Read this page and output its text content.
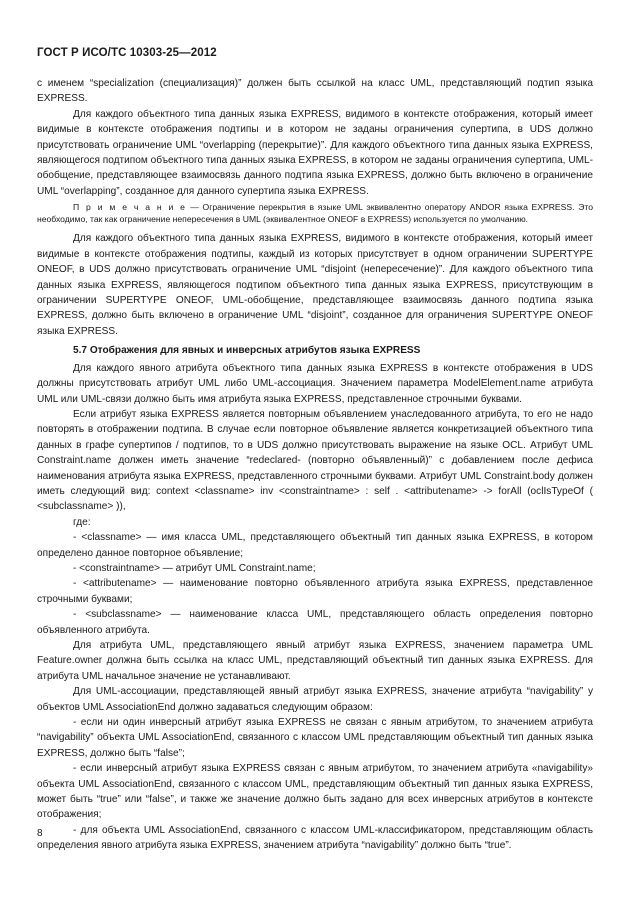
ГОСТ Р ИСО/ТС 10303-25—2012

с именем “specialization (специализация)” должен быть ссылкой на класс UML, представляющий подтип языка EXPRESS.

Для каждого объектного типа данных языка EXPRESS, видимого в контексте отображения, который имеет видимые в контексте отображения подтипы и в котором не заданы ограничения супертипа, в UDS должно присутствовать ограничение UML “overlapping (перекрытие)”. Для каждого объектного типа данных языка EXPRESS, являющегося подтипом объектного типа данных языка EXPRESS, в котором не заданы ограничения супертипа, UML-обобщение, представляющее взаимосвязь данного подтипа языка EXPRESS, должно быть включено в ограничение UML “overlapping”, созданное для данного супертипа языка EXPRESS.

П р и м е ч а н и е — Ограничение перекрытия в языке UML эквивалентно оператору ANDOR языка EXPRESS. Это необходимо, так как ограничение непересечения в UML (эквивалентное ONEOF в EXPRESS) используется по умолчанию.

Для каждого объектного типа данных языка EXPRESS, видимого в контексте отображения, который имеет видимые в контексте отображения подтипы, каждый из которых присутствует в одном ограничении SUPERTYPE ONEOF, в UDS должно присутствовать ограничение UML “disjoint (непересечение)”. Для каждого объектного типа данных языка EXPRESS, являющегося подтипом объектного типа данных языка EXPRESS, присутствующим в ограничении SUPERTYPE ONEOF, UML-обобщение, представляющее взаимосвязь данного подтипа языка EXPRESS, должно быть включено в ограничение UML “disjoint”, созданное для ограничения SUPERTYPE ONEOF языка EXPRESS.

5.7 Отображения для явных и инверсных атрибутов языка EXPRESS

Для каждого явного атрибута объектного типа данных языка EXPRESS в контексте отображения в UDS должны присутствовать атрибут UML либо UML-ассоциация. Значением параметра ModelElement.name атрибута UML или UML-связи должно быть имя атрибута языка EXPRESS, представленное строчными буквами.

Если атрибут языка EXPRESS является повторным объявлением унаследованного атрибута, то его не надо повторять в отображении подтипа. В случае если повторное объявление является конкретизацией объектного типа данных в графе супертипов / подтипов, то в UDS должно присутствовать выражение на языке OCL. Атрибут UML Constraint.name должен иметь значение “redeclared- (повторно объявленный)” с добавлением после дефиса наименования атрибута языка EXPRESS, представленного строчными буквами. Атрибут UML Constraint.body должен иметь следующий вид: context <classname> inv <constraintname> : self . <attributename> -> forAll (oclIsTypeOf ( <subclassname> )),

где:

- <classname> — имя класса UML, представляющего объектный тип данных языка EXPRESS, в котором определено данное повторное объявление;

- <constraintname> — атрибут UML Constraint.name;

- <attributename> — наименование повторно объявленного атрибута языка EXPRESS, представленное строчными буквами;

- <subclassname> — наименование класса UML, представляющего область определения повторно объявленного атрибута.

Для атрибута UML, представляющего явный атрибут языка EXPRESS, значением параметра UML Feature.owner должна быть ссылка на класс UML, представляющий объектный тип данных языка EXPRESS. Для атрибута UML начальное значение не устанавливают.

Для UML-ассоциации, представляющей явный атрибут языка EXPRESS, значение атрибута “navigability” у объектов UML AssociationEnd должно задаваться следующим образом:

- если ни один инверсный атрибут языка EXPRESS не связан с явным атрибутом, то значением атрибута “navigability” объекта UML AssociationEnd, связанного с классом UML представляющим объектный тип данных языка EXPRESS, должно быть “false”;

- если инверсный атрибут языка EXPRESS связан с явным атрибутом, то значением атрибута «navigability» объекта UML AssociationEnd, связанного с классом UML, представляющим объектный тип данных языка EXPRESS, может быть “true” или “false”, и также же значение должно быть задано для всех инверсных атрибутов в контексте отображения;

- для объекта UML AssociationEnd, связанного с классом UML-классификатором, представляющим область определения явного атрибута языка EXPRESS, значением атрибута “navigability” должно быть “true”.

8
